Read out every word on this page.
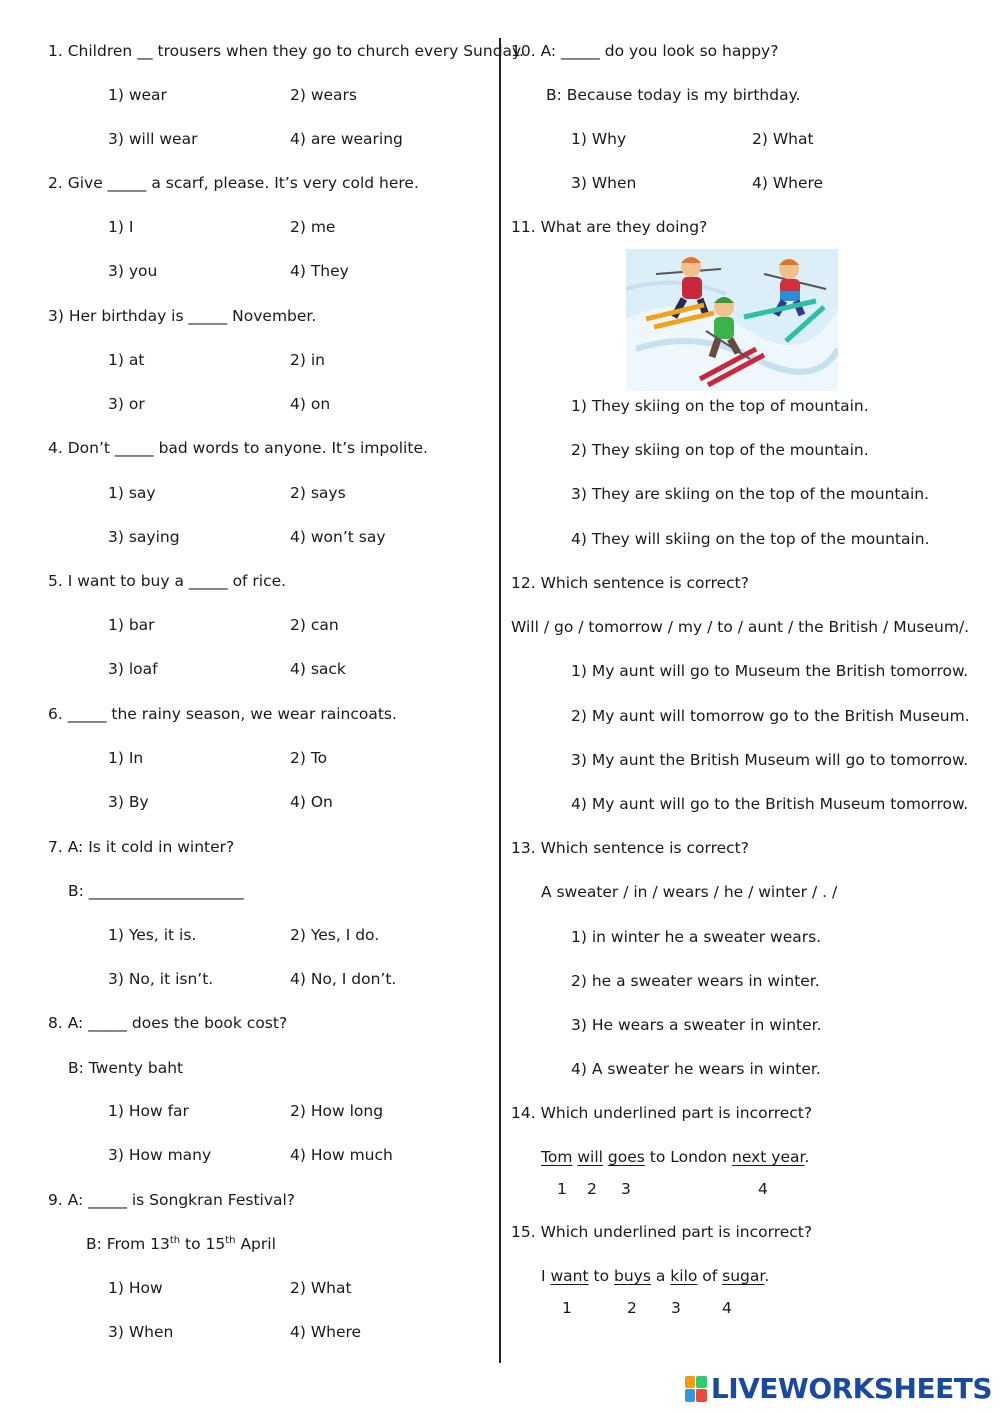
1. Children __ trousers when they go to church every Sunday.
1) wear	2) wears
3) will wear	4) are wearing
2. Give _____ a scarf, please. It’s very cold here.
1) I	2) me
3) you	4) They
3) Her birthday is _____ November.
1) at	2) in
3) or	4) on
4. Don’t _____ bad words to anyone. It’s impolite.
1) say	2) says
3) saying	4) won’t say
5. I want to buy a _____ of rice.
1) bar	2) can
3) loaf	4) sack
6. _____ the rainy season, we wear raincoats.
1) In	2) To
3) By	4) On
7. A: Is it cold in winter?
B: ____________________
1) Yes, it is.	2) Yes, I do.
3) No, it isn’t.	4) No, I don’t.
8. A: _____ does the book cost?
B: Twenty baht
1) How far	2) How long
3) How many	4) How much
9. A: _____ is Songkran Festival?
B: From 13th to 15th April
1) How	2) What
3) When	4) Where
10. A: _____ do you look so happy?
B: Because today is my birthday.
1) Why	2) What
3) When	4) Where
11. What are they doing?
1) They skiing on the top of mountain.
2) They skiing on top of the mountain.
3) They are skiing on the top of the mountain.
4) They will skiing on the top of the mountain.
12. Which sentence is correct?
Will / go / tomorrow / my / to / aunt / the British / Museum/.
1) My aunt will go to Museum the British tomorrow.
2) My aunt will tomorrow go to the British Museum.
3) My aunt the British Museum will go to tomorrow.
4) My aunt will go to the British Museum tomorrow.
13. Which sentence is correct?
A sweater / in / wears / he / winter / . /
1) in winter he a sweater wears.
2) he a sweater wears in winter.
3) He wears a sweater in winter.
4) A sweater he wears in winter.
14. Which underlined part is incorrect?
Tom will goes to London next year.
1 2 3	4
15. Which underlined part is incorrect?
I want to buys a kilo of sugar.
1	2 3	4
LIVEWORKSHEETS
